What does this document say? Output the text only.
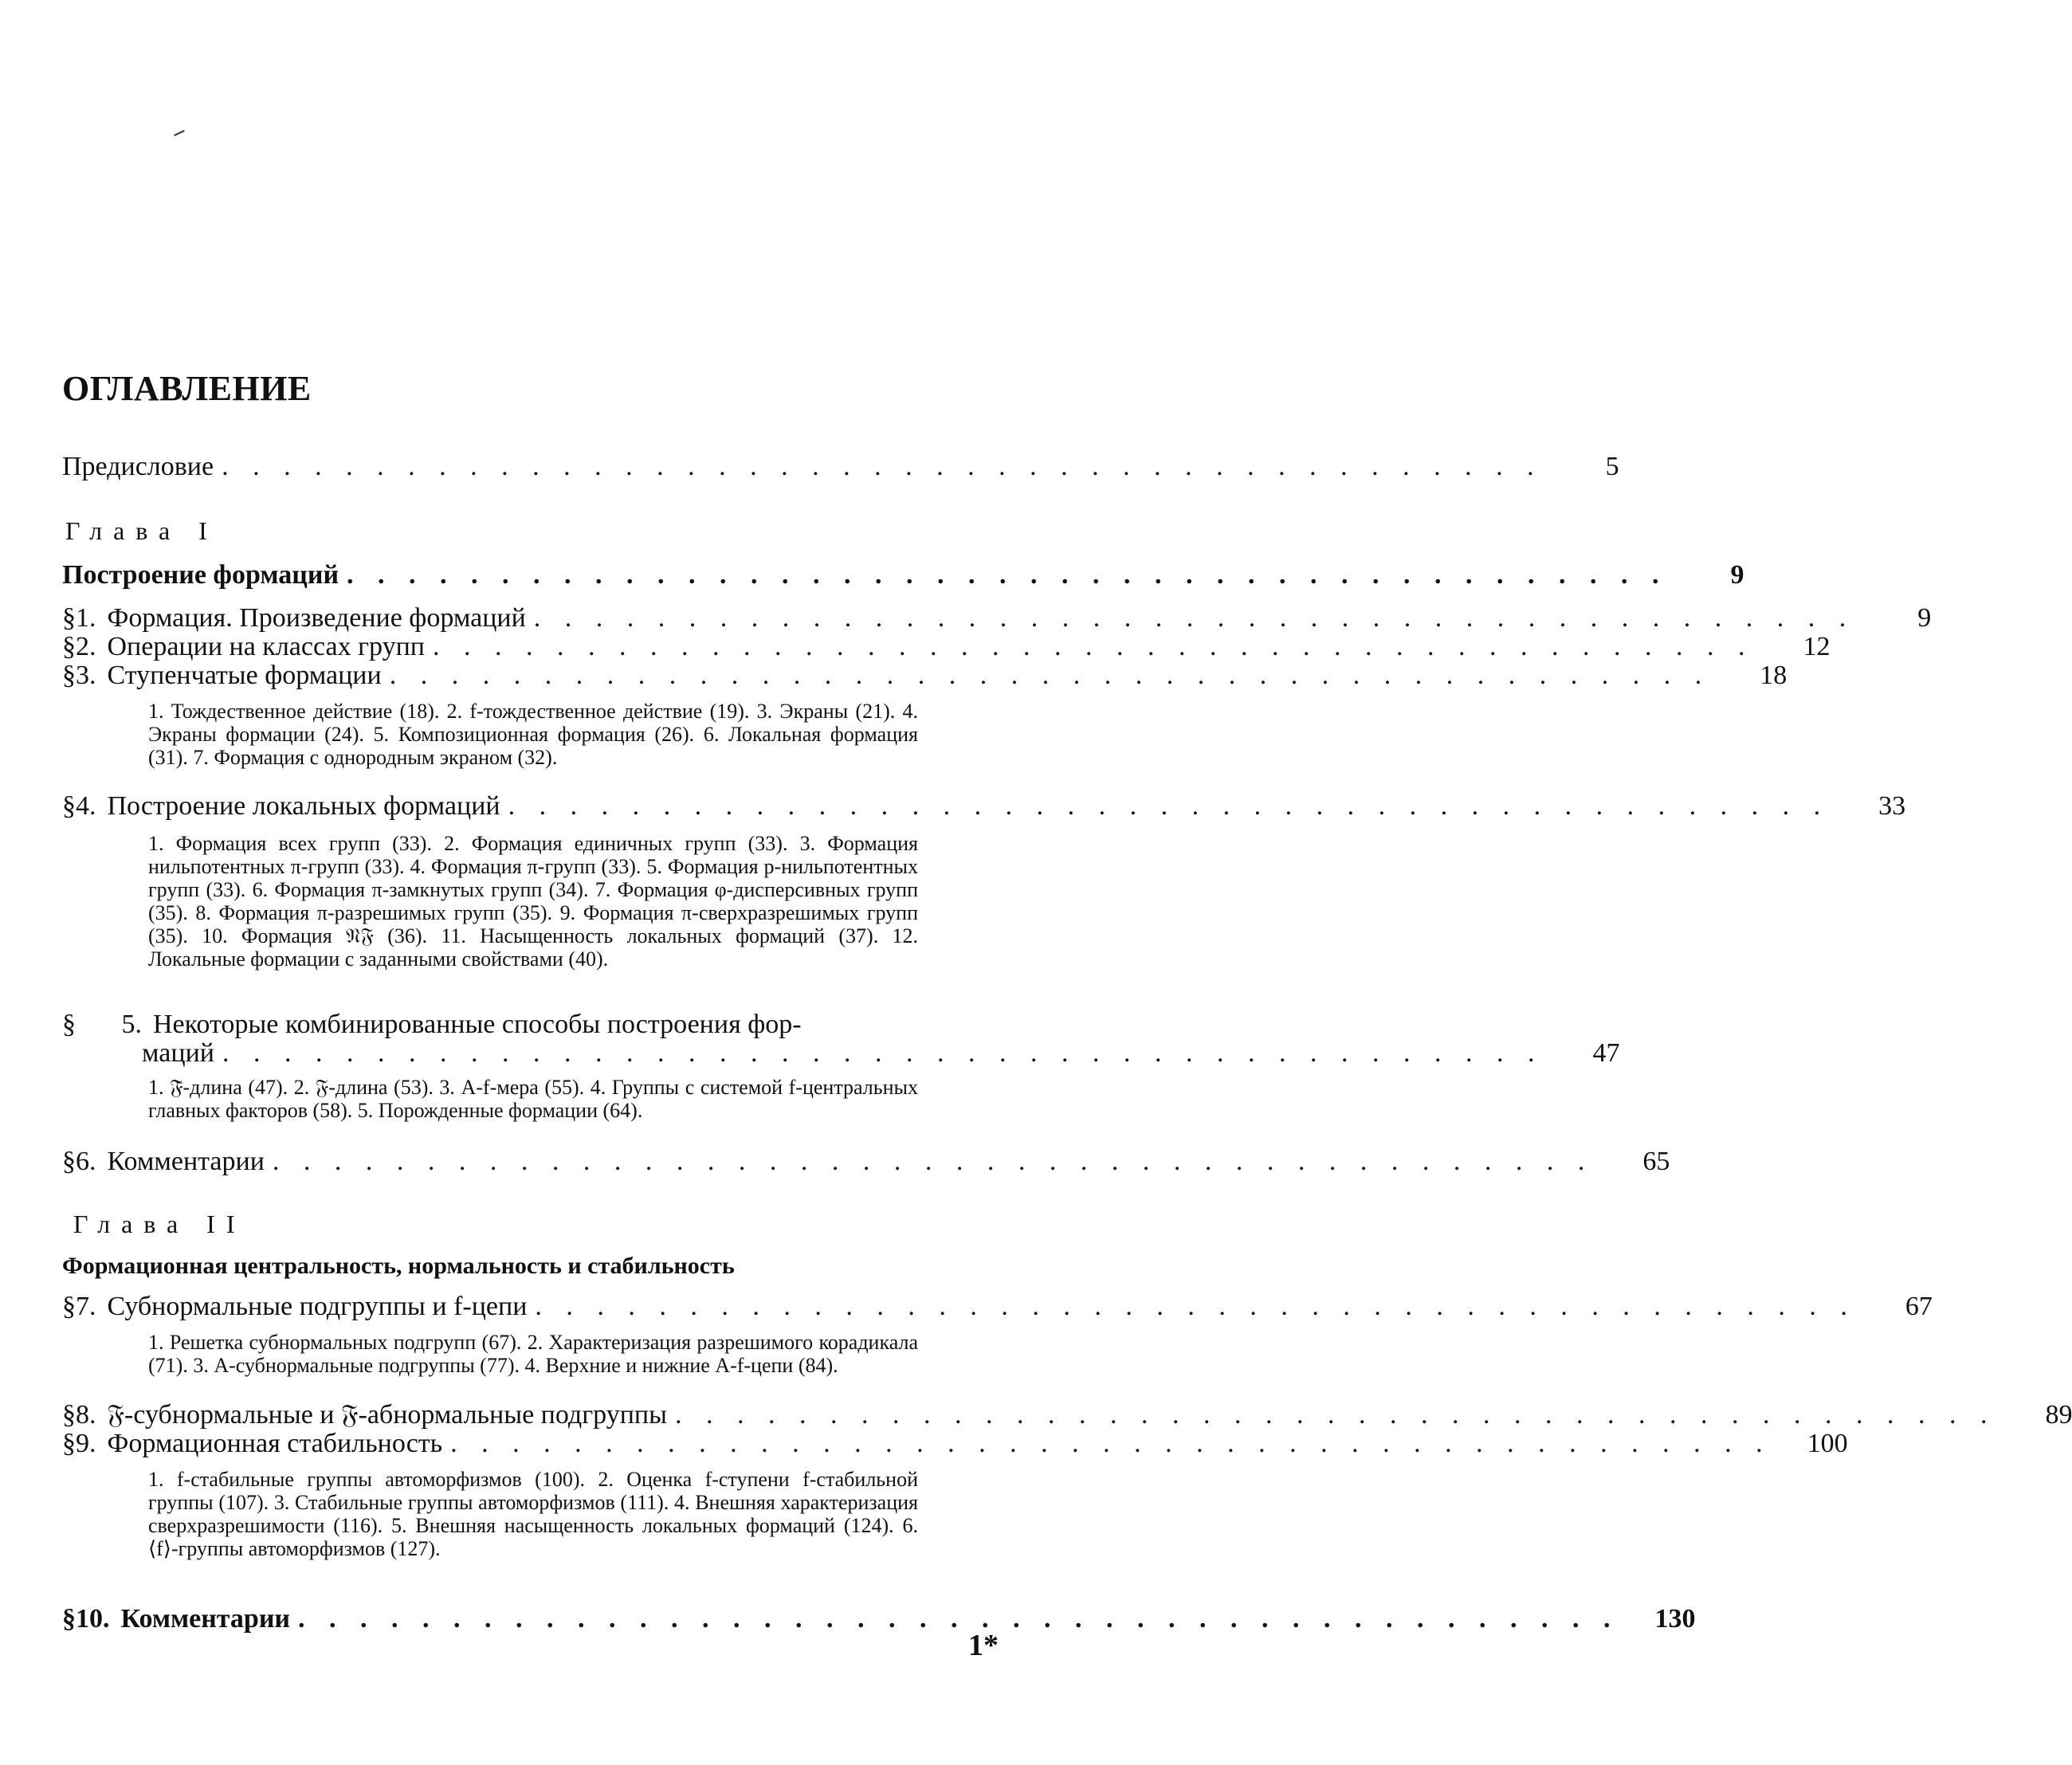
ОГЛАВЛЕНИЕ
Предисловие . . . . . . . . . . . . . . . . . . . . . . . . . . . . . . . . . . . . . . . . . . .	5
Глава I
Построение формаций . . . . . . . . . . . . . . . . . . . . . . . . . . . . . . . . . . . . . . . . . . .	9
§ 1. Формация. Произведение формаций . . . . . . . . . . . . . . . . . . . . . . . . . . . . . . . . . . . . . . . . . . .	9
§ 2. Операции на классах групп . . . . . . . . . . . . . . . . . . . . . . . . . . . . . . . . . . . . . . . . . . .	12
§ 3. Ступенчатые формации . . . . . . . . . . . . . . . . . . . . . . . . . . . . . . . . . . . . . . . . . . .	18

1. Тождественное действие (18). 2. f-тождественное действие (19). 3. Экраны (21). 4. Экраны формации (24). 5. Композиционная формация (26). 6. Локальная формация (31). 7. Формация с однородным экраном (32).

§ 4. Построение локальных формаций . . . . . . . . . . . . . . . . . . . . . . . . . . . . . . . . . . . . . . . . . . .	33

1. Формация всех групп (33). 2. Формация единичных групп (33). 3. Формация нильпотентных π-групп (33). 4. Формация π-групп (33). 5. Формация p-нильпотентных групп (33). 6. Формация π-замкнутых групп (34). 7. Формация φ-дисперсивных групп (35). 8. Формация π-разрешимых групп (35). 9. Формация π-сверхразрешимых групп (35). 10. Формация 𝔑𝔉 (36). 11. Насыщенность локальных формаций (37). 12. Локальные формации с заданными свойствами (40).

§	5. Некоторые комбинированные способы построения фор-
маций . . . . . . . . . . . . . . . . . . . . . . . . . . . . . . . . . . . . . . . . . . .	47

1. 𝔉̄-длина (47). 2. 𝔉-длина (53). 3. A-f-мера (55). 4. Группы с системой f-центральных главных факторов (58). 5. Порожденные формации (64).

§ 6. Комментарии . . . . . . . . . . . . . . . . . . . . . . . . . . . . . . . . . . . . . . . . . . .	65
Глава II
Формационная центральность, нормальность и стабильность
§ 7. Субнормальные подгруппы и f-цепи . . . . . . . . . . . . . . . . . . . . . . . . . . . . . . . . . . . . . . . . . . .	67

1. Решетка субнормальных подгрупп (67). 2. Характеризация разрешимого корадикала (71). 3. A-субнормальные подгруппы (77). 4. Верхние и нижние A-f-цепи (84).

§ 8. 𝔉-субнормальные и 𝔉-абнормальные подгруппы . . . . . . . . . . . . . . . . . . . . . . . . . . . . . . . . . . . . . . . . . . .	89
§ 9. Формационная стабильность . . . . . . . . . . . . . . . . . . . . . . . . . . . . . . . . . . . . . . . . . . .	100

1. f-стабильные группы автоморфизмов (100). 2. Оценка f-ступени f-стабильной группы (107). 3. Стабильные группы автоморфизмов (111). 4. Внешняя характеризация сверхразрешимости (116). 5. Внешняя насыщенность локальных формаций (124). 6. ⟨f⟩-группы автоморфизмов (127).

§ 10. Комментарии . . . . . . . . . . . . . . . . . . . . . . . . . . . . . . . . . . . . . . . . . . .	130
1*
